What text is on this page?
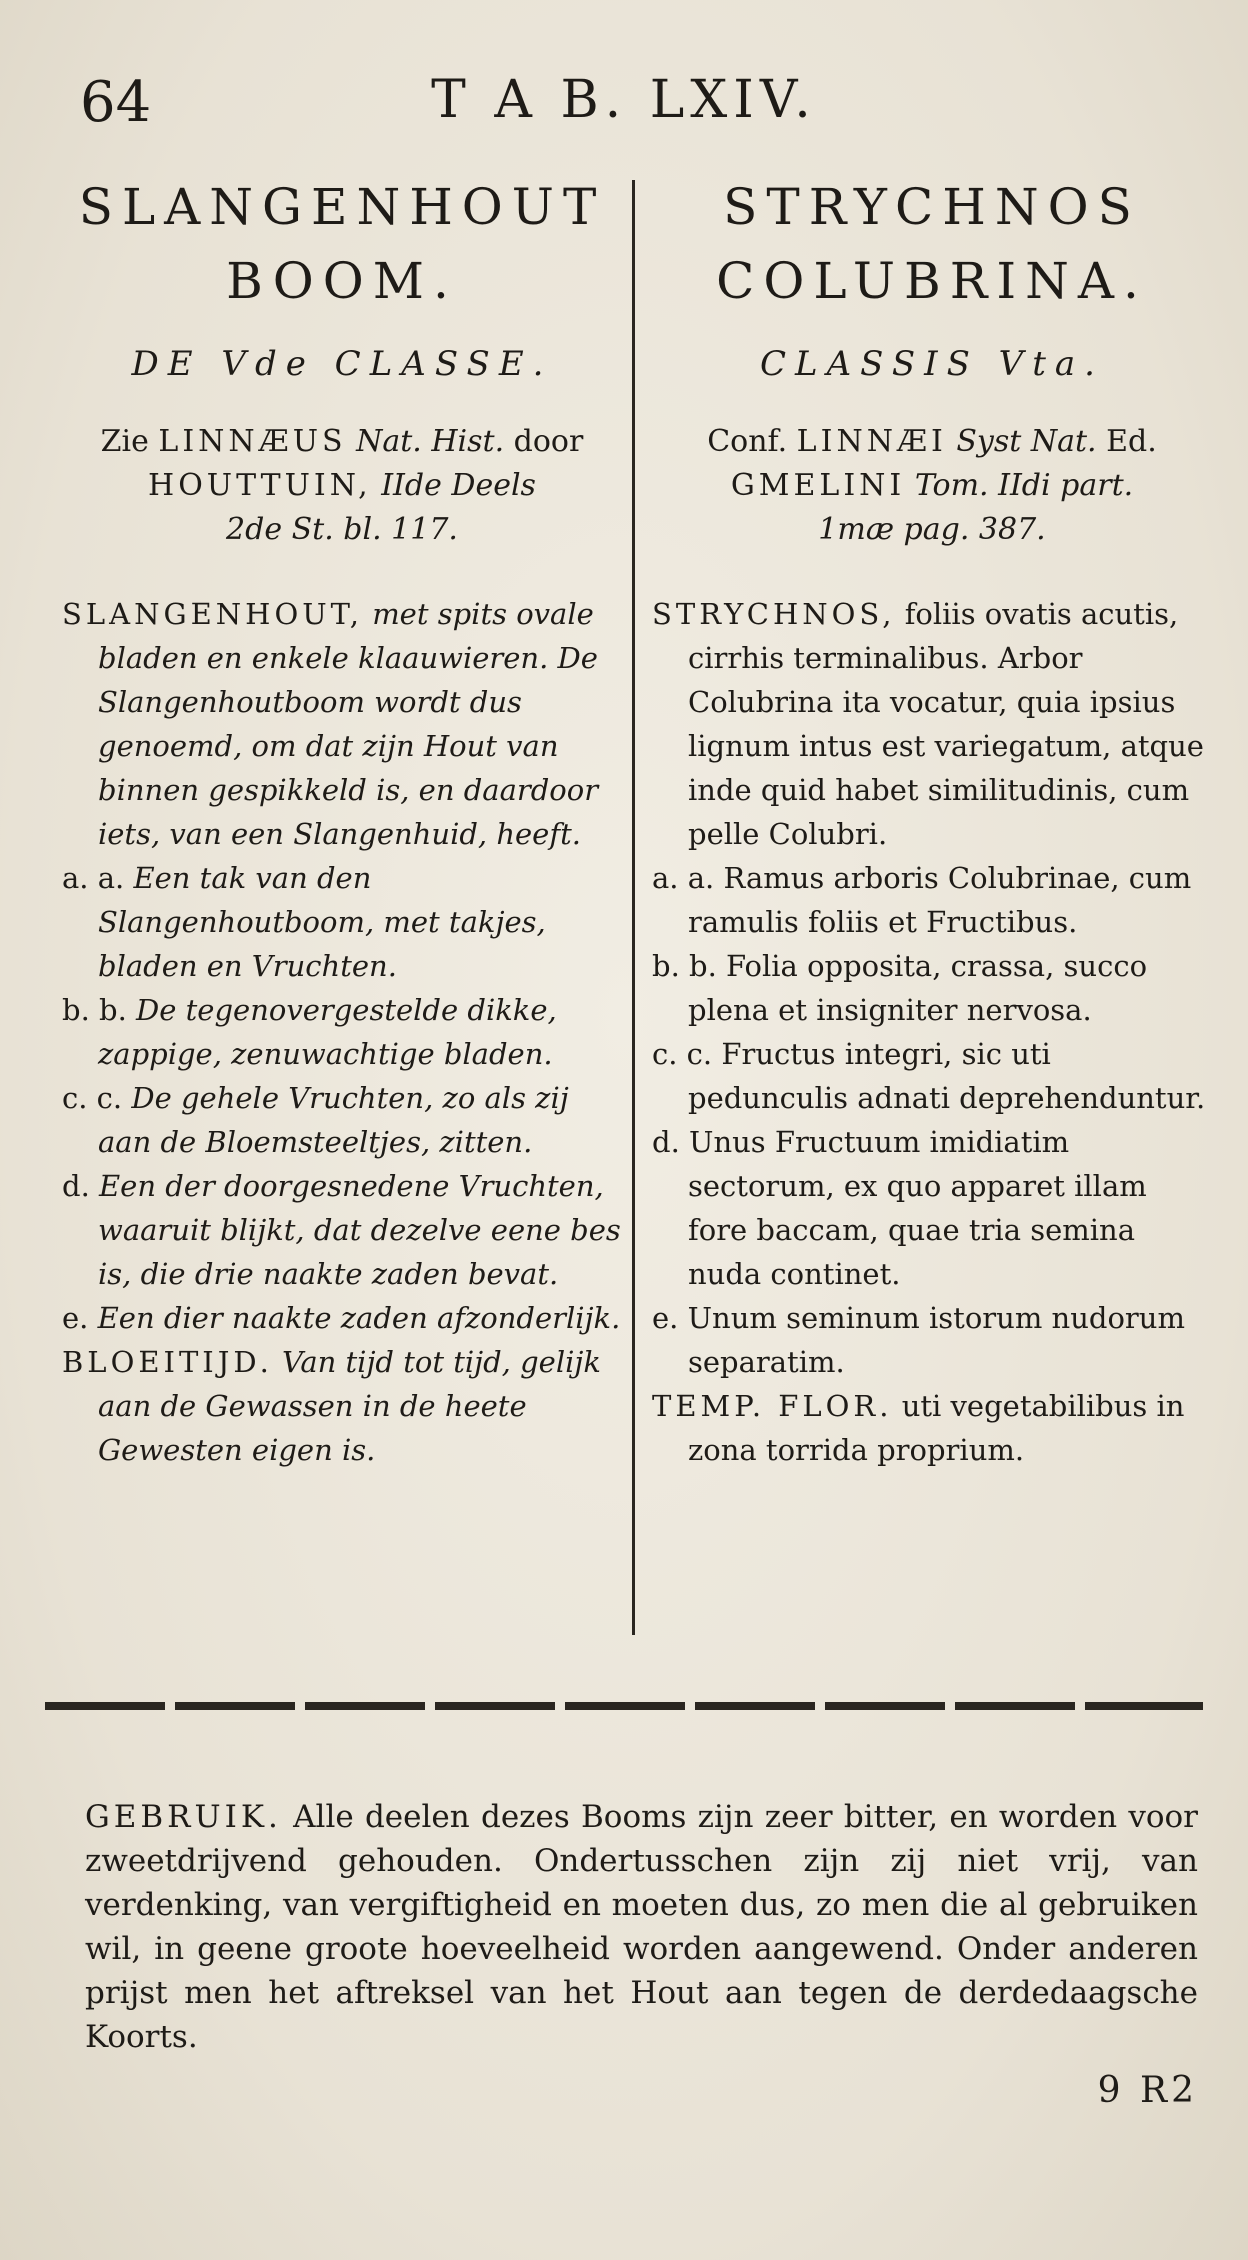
64	T A B. LXIV.
SLANGENHOUT
BOOM.
DE Vde CLASSE.
Zie LINNÆUS Nat. Hist. door
HOUTTUIN, IIde Deels
2de St. bl. 117.

SLANGENHOUT, met spits ovale bladen en enkele klaauwieren. De Slangenhoutboom wordt dus genoemd, om dat zijn Hout van binnen gespikkeld is, en daardoor iets, van een Slangenhuid, heeft.

a. a. Een tak van den Slangenhoutboom, met takjes, bladen en Vruchten.

b. b. De tegenovergestelde dikke, zappige, zenuwachtige bladen.

c. c. De gehele Vruchten, zo als zij aan de Bloemsteeltjes, zitten.

d. Een der doorgesnedene Vruchten, waaruit blijkt, dat dezelve eene bes is, die drie naakte zaden bevat.

e. Een dier naakte zaden afzonderlijk.

BLOEITIJD. Van tijd tot tijd, gelijk aan de Gewassen in de heete Gewesten eigen is.

STRYCHNOS
COLUBRINA.
CLASSIS Vta.
Conf. LINNÆI Syst Nat. Ed.
GMELINI Tom. IIdi part.
1mæ pag. 387.

STRYCHNOS, foliis ovatis acutis, cirrhis terminalibus. Arbor Colubrina ita vocatur, quia ipsius lignum intus est variegatum, atque inde quid habet similitudinis, cum pelle Colubri.

a. a. Ramus arboris Colubrinae, cum ramulis foliis et Fructibus.

b. b. Folia opposita, crassa, succo plena et insigniter nervosa.

c. c. Fructus integri, sic uti pedunculis adnati deprehenduntur.

d. Unus Fructuum imidiatim sectorum, ex quo apparet illam fore baccam, quae tria semina nuda continet.

e. Unum seminum istorum nudorum separatim.

TEMP. FLOR. uti vegetabilibus in zona torrida proprium.

GEBRUIK. Alle deelen dezes Booms zijn zeer bitter, en worden voor zweetdrijvend gehouden. Ondertusschen zijn zij niet vrij, van verdenking, van vergiftigheid en moeten dus, zo men die al gebruiken wil, in geene groote hoeveelheid worden aangewend. Onder anderen prijst men het aftreksel van het Hout aan tegen de derdedaagsche Koorts.
9 R2
